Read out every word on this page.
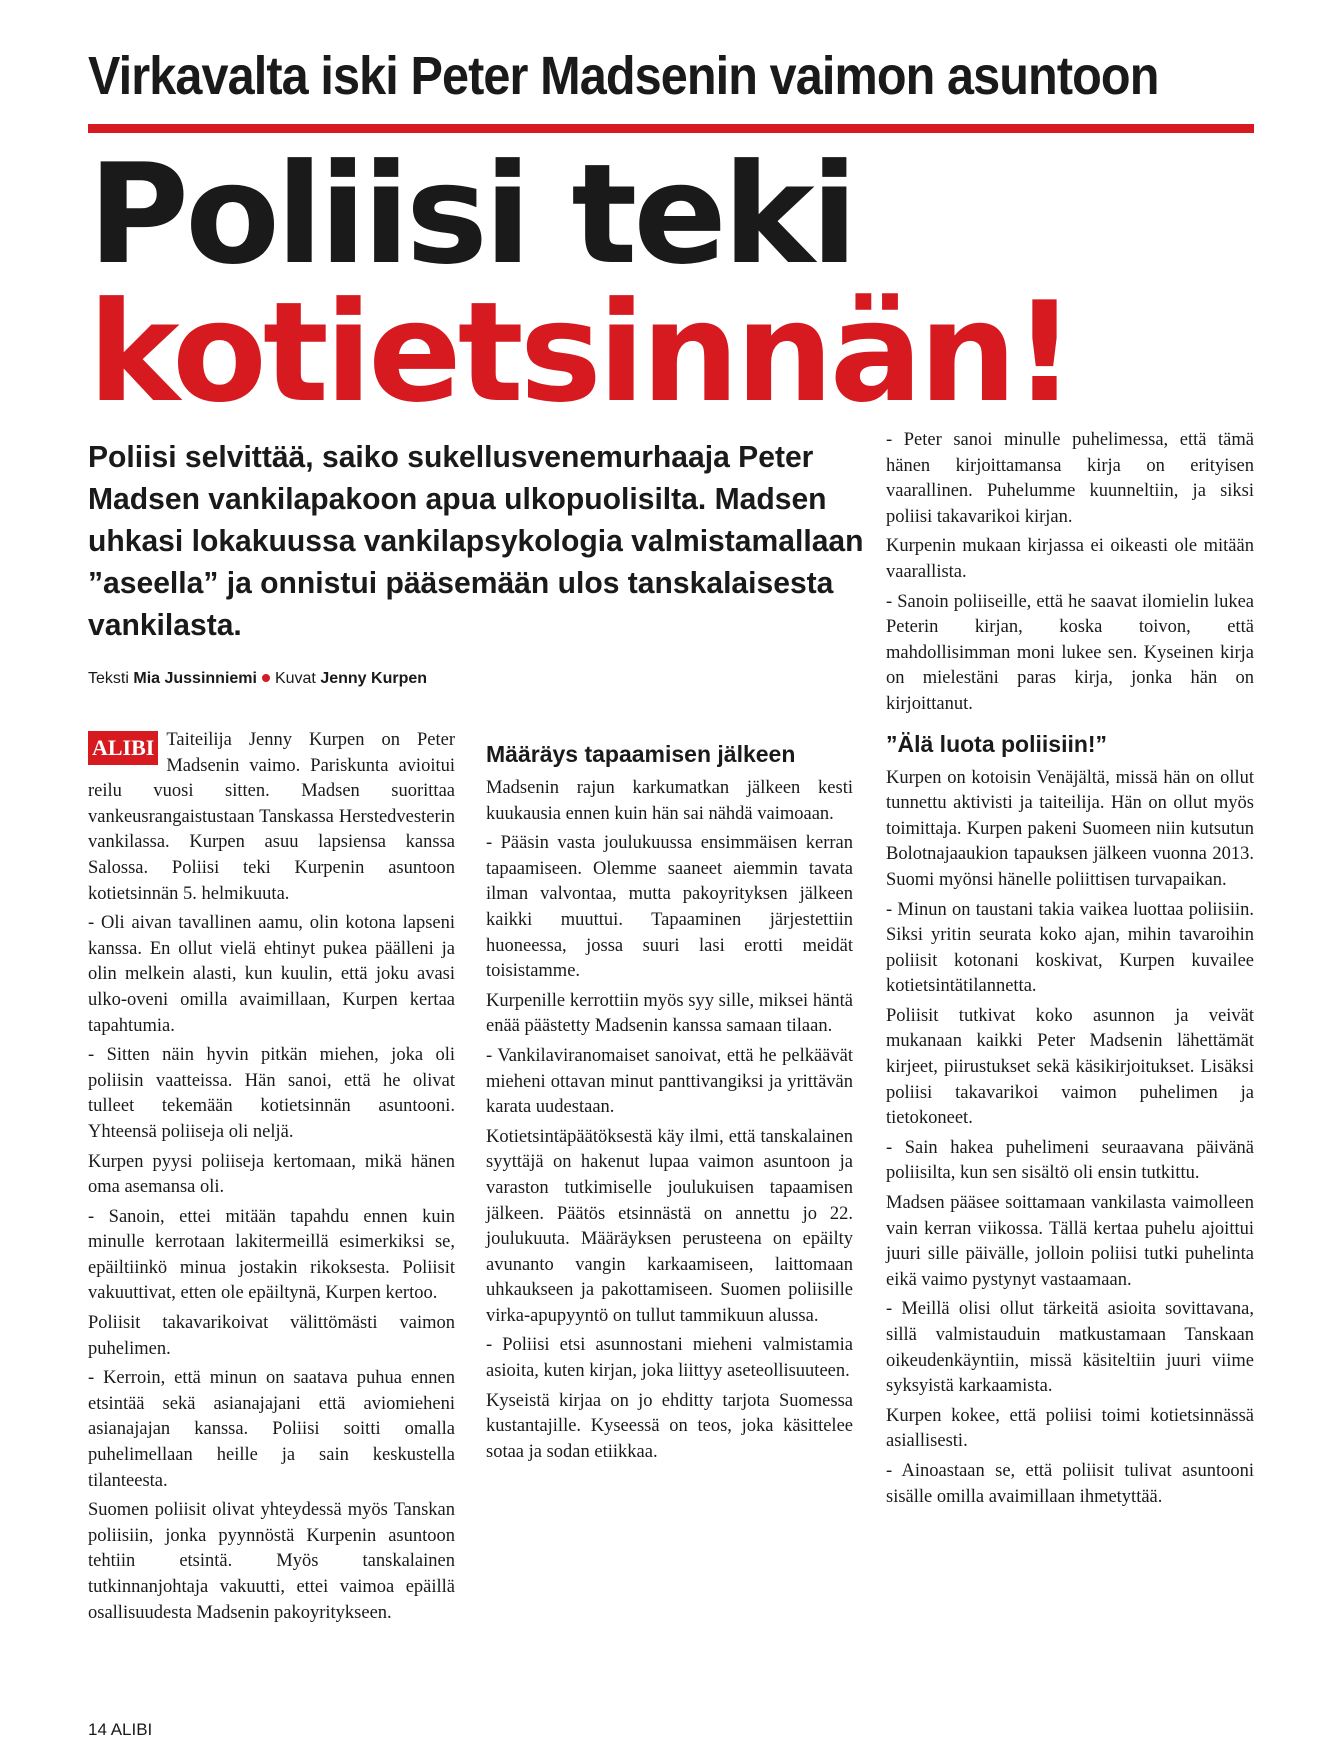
Virkavalta iski Peter Madsenin vaimon asuntoon
Poliisi teki
kotietsinnän!
Poliisi selvittää, saiko sukellusvenemurhaaja Peter Madsen vankilapakoon apua ulkopuolisilta. Madsen uhkasi lokakuussa vankilapsykologia valmistamallaan ”aseella” ja onnistui pääsemään ulos tanskalaisesta vankilasta.
Teksti Mia Jussinniemi Kuvat Jenny Kurpen

ALIBI Taiteilija Jenny Kurpen on Peter Madsenin vaimo. Pariskunta avioitui reilu vuosi sitten. Madsen suorittaa vankeusrangaistustaan Tanskassa Herstedvesterin vankilassa. Kurpen asuu lapsiensa kanssa Salossa. Poliisi teki Kurpenin asuntoon kotietsinnän 5. helmikuuta.

- Oli aivan tavallinen aamu, olin kotona lapseni kanssa. En ollut vielä ehtinyt pukea päälleni ja olin melkein alasti, kun kuulin, että joku avasi ulko-oveni omilla avaimillaan, Kurpen kertaa tapahtumia.

- Sitten näin hyvin pitkän miehen, joka oli poliisin vaatteissa. Hän sanoi, että he olivat tulleet tekemään kotietsinnän asuntooni. Yhteensä poliiseja oli neljä.

Kurpen pyysi poliiseja kertomaan, mikä hänen oma asemansa oli.

- Sanoin, ettei mitään tapahdu ennen kuin minulle kerrotaan lakitermeillä esimerkiksi se, epäiltiinkö minua jostakin rikoksesta. Poliisit vakuuttivat, etten ole epäiltynä, Kurpen kertoo.

Poliisit takavarikoivat välittömästi vaimon puhelimen.

- Kerroin, että minun on saatava puhua ennen etsintää sekä asianajajani että aviomieheni asianajajan kanssa. Poliisi soitti omalla puhelimellaan heille ja sain keskustella tilanteesta.

Suomen poliisit olivat yhteydessä myös Tanskan poliisiin, jonka pyynnöstä Kurpenin asuntoon tehtiin etsintä. Myös tanskalainen tutkinnanjohtaja vakuutti, ettei vaimoa epäillä osallisuudesta Madsenin pakoyritykseen.

Määräys tapaamisen jälkeen

Madsenin rajun karkumatkan jälkeen kesti kuukausia ennen kuin hän sai nähdä vaimoaan.

- Pääsin vasta joulukuussa ensimmäisen kerran tapaamiseen. Olemme saaneet aiemmin tavata ilman valvontaa, mutta pakoyrityksen jälkeen kaikki muuttui. Tapaaminen järjestettiin huoneessa, jossa suuri lasi erotti meidät toisistamme.

Kurpenille kerrottiin myös syy sille, miksei häntä enää päästetty Madsenin kanssa samaan tilaan.

- Vankilaviranomaiset sanoivat, että he pelkäävät mieheni ottavan minut panttivangiksi ja yrittävän karata uudestaan.

Kotietsintäpäätöksestä käy ilmi, että tanskalainen syyttäjä on hakenut lupaa vaimon asuntoon ja varaston tutkimiselle joulukuisen tapaamisen jälkeen. Päätös etsinnästä on annettu jo 22. joulukuuta. Määräyksen perusteena on epäilty avunanto vangin karkaamiseen, laittomaan uhkaukseen ja pakottamiseen. Suomen poliisille virka-apupyyntö on tullut tammikuun alussa.

- Poliisi etsi asunnostani mieheni valmistamia asioita, kuten kirjan, joka liittyy aseteollisuuteen.

Kyseistä kirjaa on jo ehditty tarjota Suomessa kustantajille. Kyseessä on teos, joka käsittelee sotaa ja sodan etiikkaa.

- Peter sanoi minulle puhelimessa, että tämä hänen kirjoittamansa kirja on erityisen vaarallinen. Puhelumme kuunneltiin, ja siksi poliisi takavarikoi kirjan.

Kurpenin mukaan kirjassa ei oikeasti ole mitään vaarallista.

- Sanoin poliiseille, että he saavat ilomielin lukea Peterin kirjan, koska toivon, että mahdollisimman moni lukee sen. Kyseinen kirja on mielestäni paras kirja, jonka hän on kirjoittanut.

”Älä luota poliisiin!”

Kurpen on kotoisin Venäjältä, missä hän on ollut tunnettu aktivisti ja taiteilija. Hän on ollut myös toimittaja. Kurpen pakeni Suomeen niin kutsutun Bolotnajaaukion tapauksen jälkeen vuonna 2013. Suomi myönsi hänelle poliittisen turvapaikan.

- Minun on taustani takia vaikea luottaa poliisiin. Siksi yritin seurata koko ajan, mihin tavaroihin poliisit kotonani koskivat, Kurpen kuvailee kotietsintätilannetta.

Poliisit tutkivat koko asunnon ja veivät mukanaan kaikki Peter Madsenin lähettämät kirjeet, piirustukset sekä käsikirjoitukset. Lisäksi poliisi takavarikoi vaimon puhelimen ja tietokoneet.

- Sain hakea puhelimeni seuraavana päivänä poliisilta, kun sen sisältö oli ensin tutkittu.

Madsen pääsee soittamaan vankilasta vaimolleen vain kerran viikossa. Tällä kertaa puhelu ajoittui juuri sille päivälle, jolloin poliisi tutki puhelinta eikä vaimo pystynyt vastaamaan.

- Meillä olisi ollut tärkeitä asioita sovittavana, sillä valmistauduin matkustamaan Tanskaan oikeudenkäyntiin, missä käsiteltiin juuri viime syksyistä karkaamista.

Kurpen kokee, että poliisi toimi kotietsinnässä asiallisesti.

- Ainoastaan se, että poliisit tulivat asuntooni sisälle omilla avaimillaan ihmetyttää.

14 ALIBI
